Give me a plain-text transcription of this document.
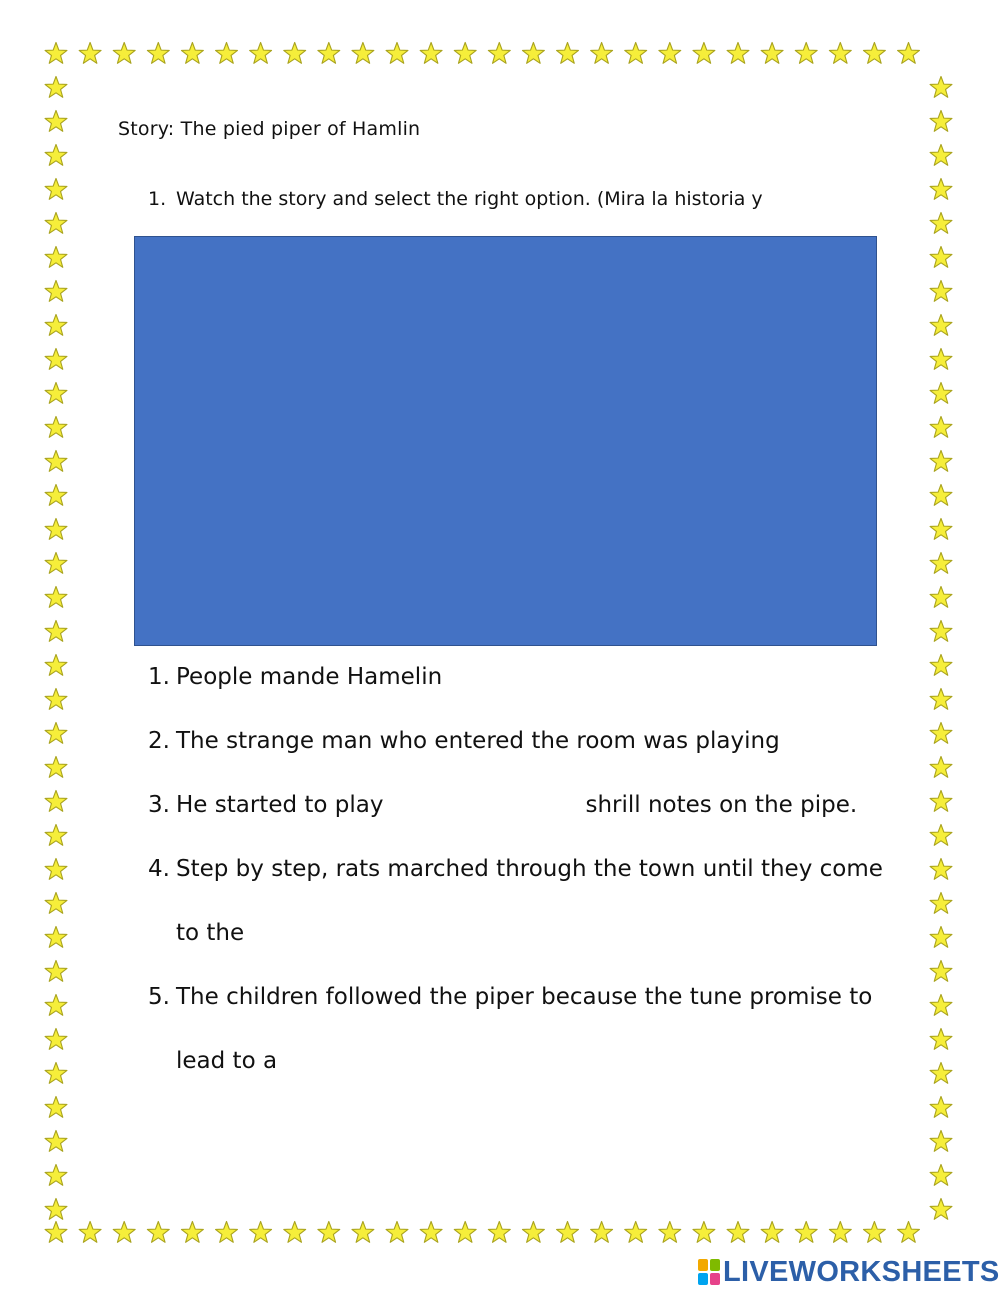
Story: The pied piper of Hamlin
1. Watch the story and select the right option. (Mira la historia y
1. People mande Hamelin
2. The strange man who entered the room was playing
3. He started to play	shrill notes on the pipe.
4. Step by step, rats marched through the town until they come
to the
5. The children followed the piper because the tune promise to
lead to a
LIVEWORKSHEETS
